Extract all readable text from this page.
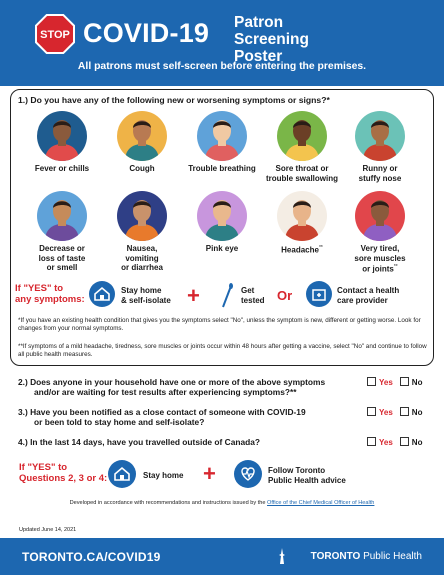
STOP COVID-19 Patron Screening
Poster
All patrons must self-screen before entering the premises.
1.) Do you have any of the following new or worsening symptoms or signs?*
Fever or chills	Cough	Trouble breathing	Sore throat or
trouble swallowing
Runny or
stuffy nose
Decrease or
loss of taste
or smell
Nausea,
vomiting
or diarrhea
Pink eye	Headache**	Very tired,
sore muscles
or joints**
If "YES" to
any symptoms:
Stay home
& self-isolate +	Get
tested Or	Contact a health
care provider
*If you have an existing health condition that gives you the symptoms select "No", unless the symptom is new, different or getting worse. Look for changes from your normal symptoms.
**If symptoms of a mild headache, tiredness, sore muscles or joints occur within 48 hours after getting a vaccine, select "No" and continue to follow all public health measures.
2.) Does anyone in your household have one or more of the above symptoms
and/or are waiting for test results after experiencing symptoms?**
Yes No
3.) Have you been notified as a close contact of someone with COVID-19
or been told to stay home and self-isolate?
Yes No
4.) In the last 14 days, have you travelled outside of Canada?	Yes No
If "YES" to
Questions 2, 3 or 4:	Stay home +	Follow Toronto
Public Health advice
Developed in accordance with recommendations and instructions issued by the Office of the Chief Medical Officer of Health
Updated June 14, 2021
TORONTO.CA/COVID19	TORONTO Public Health
